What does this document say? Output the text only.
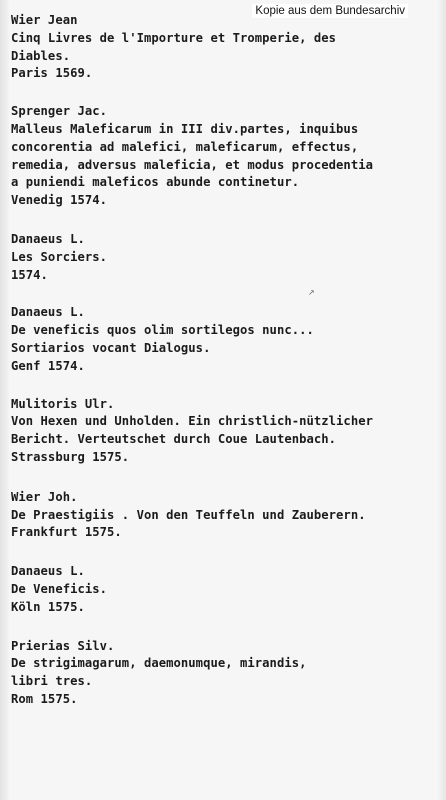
Kopie aus dem Bundesarchiv
↗
Wier Jean
Cinq Livres de l'Importure et Tromperie, des
Diables.
Paris 1569.
Sprenger Jac.
Malleus Maleficarum in III div.partes, inquibus
concorentia ad malefici, maleficarum, effectus,
remedia, adversus maleficia, et modus procedentia
a puniendi maleficos abunde continetur.
Venedig 1574.
Danaeus L.
Les Sorciers.
1574.
Danaeus L.
De veneficis quos olim sortilegos nunc...
Sortiarios vocant Dialogus.
Genf 1574.
Mulitoris Ulr.
Von Hexen und Unholden. Ein christlich-nützlicher
Bericht. Verteutschet durch Coue Lautenbach.
Strassburg 1575.
Wier Joh.
De Praestigiis . Von den Teuffeln und Zauberern.
Frankfurt 1575.
Danaeus L.
De Veneficis.
Köln 1575.
Prierias Silv.
De strigimagarum, daemonumque, mirandis,
libri tres.
Rom 1575.
